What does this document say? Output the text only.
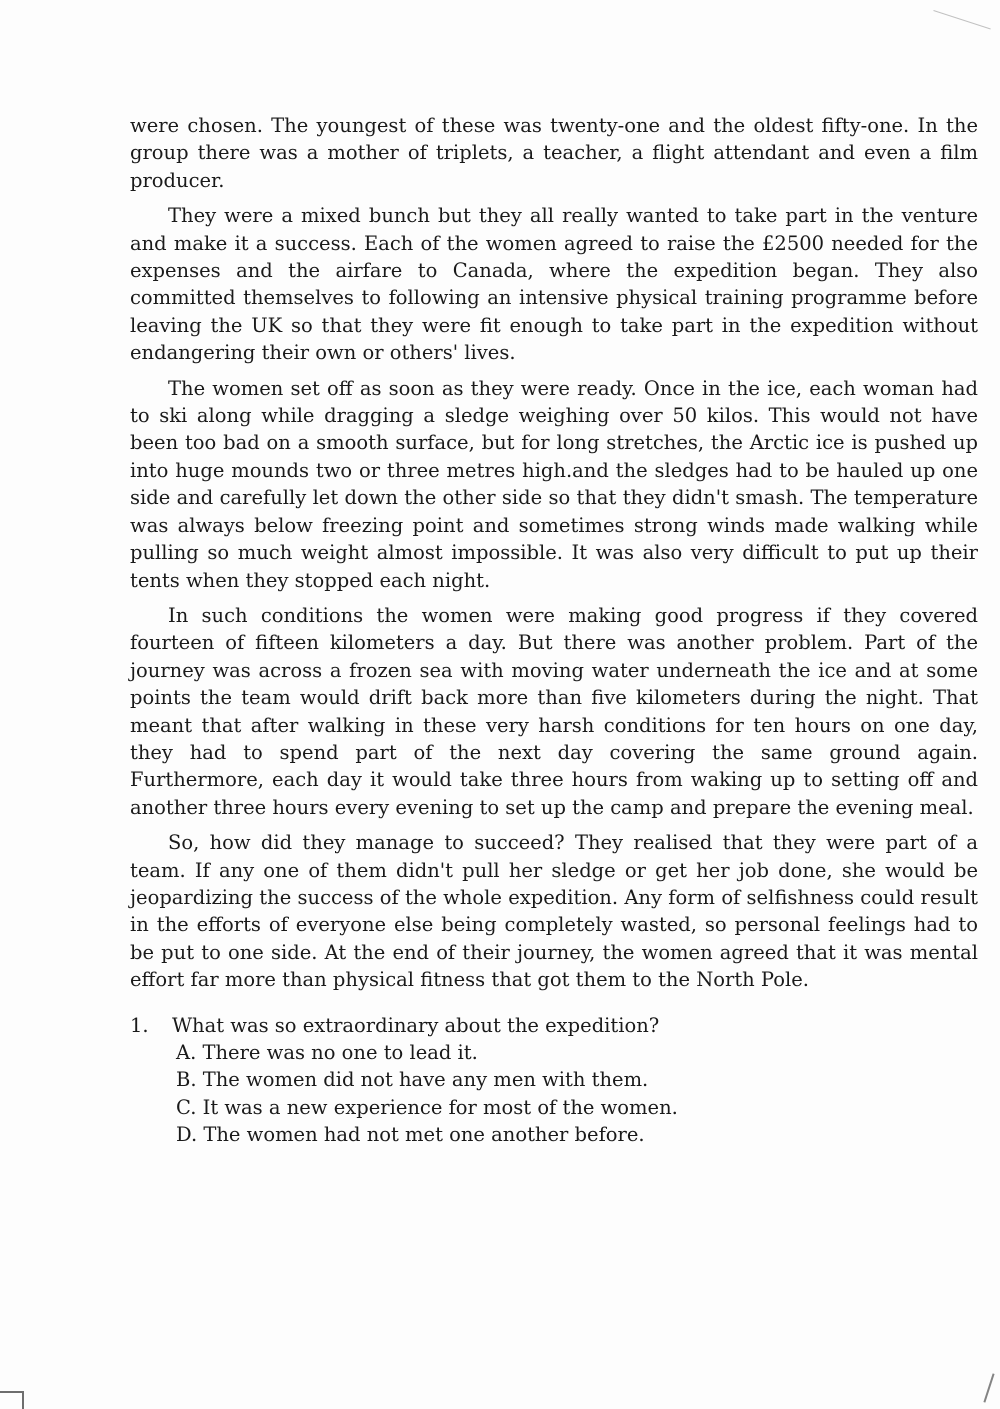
were chosen. The youngest of these was twenty-one and the oldest fifty-one. In the group there was a mother of triplets, a teacher, a flight attendant and even a film producer.

They were a mixed bunch but they all really wanted to take part in the venture and make it a success. Each of the women agreed to raise the £2500 needed for the expenses and the airfare to Canada, where the expedition began. They also committed themselves to following an intensive physical training programme before leaving the UK so that they were fit enough to take part in the expedition without endangering their own or others' lives.

The women set off as soon as they were ready. Once in the ice, each woman had to ski along while dragging a sledge weighing over 50 kilos. This would not have been too bad on a smooth surface, but for long stretches, the Arctic ice is pushed up into huge mounds two or three metres high.and the sledges had to be hauled up one side and carefully let down the other side so that they didn't smash. The temperature was always below freezing point and sometimes strong winds made walking while pulling so much weight almost impossible. It was also very difficult to put up their tents when they stopped each night.

In such conditions the women were making good progress if they covered fourteen of fifteen kilometers a day. But there was another problem. Part of the journey was across a frozen sea with moving water underneath the ice and at some points the team would drift back more than five kilometers during the night. That meant that after walking in these very harsh conditions for ten hours on one day, they had to spend part of the next day covering the same ground again. Furthermore, each day it would take three hours from waking up to setting off and another three hours every evening to set up the camp and prepare the evening meal.

So, how did they manage to succeed? They realised that they were part of a team. If any one of them didn't pull her sledge or get her job done, she would be jeopardizing the success of the whole expedition. Any form of selfishness could result in the efforts of everyone else being completely wasted, so personal feelings had to be put to one side. At the end of their journey, the women agreed that it was mental effort far more than physical fitness that got them to the North Pole.

1.	What was so extraordinary about the expedition?
A. There was no one to lead it.
B. The women did not have any men with them.
C. It was a new experience for most of the women.
D. The women had not met one another before.
